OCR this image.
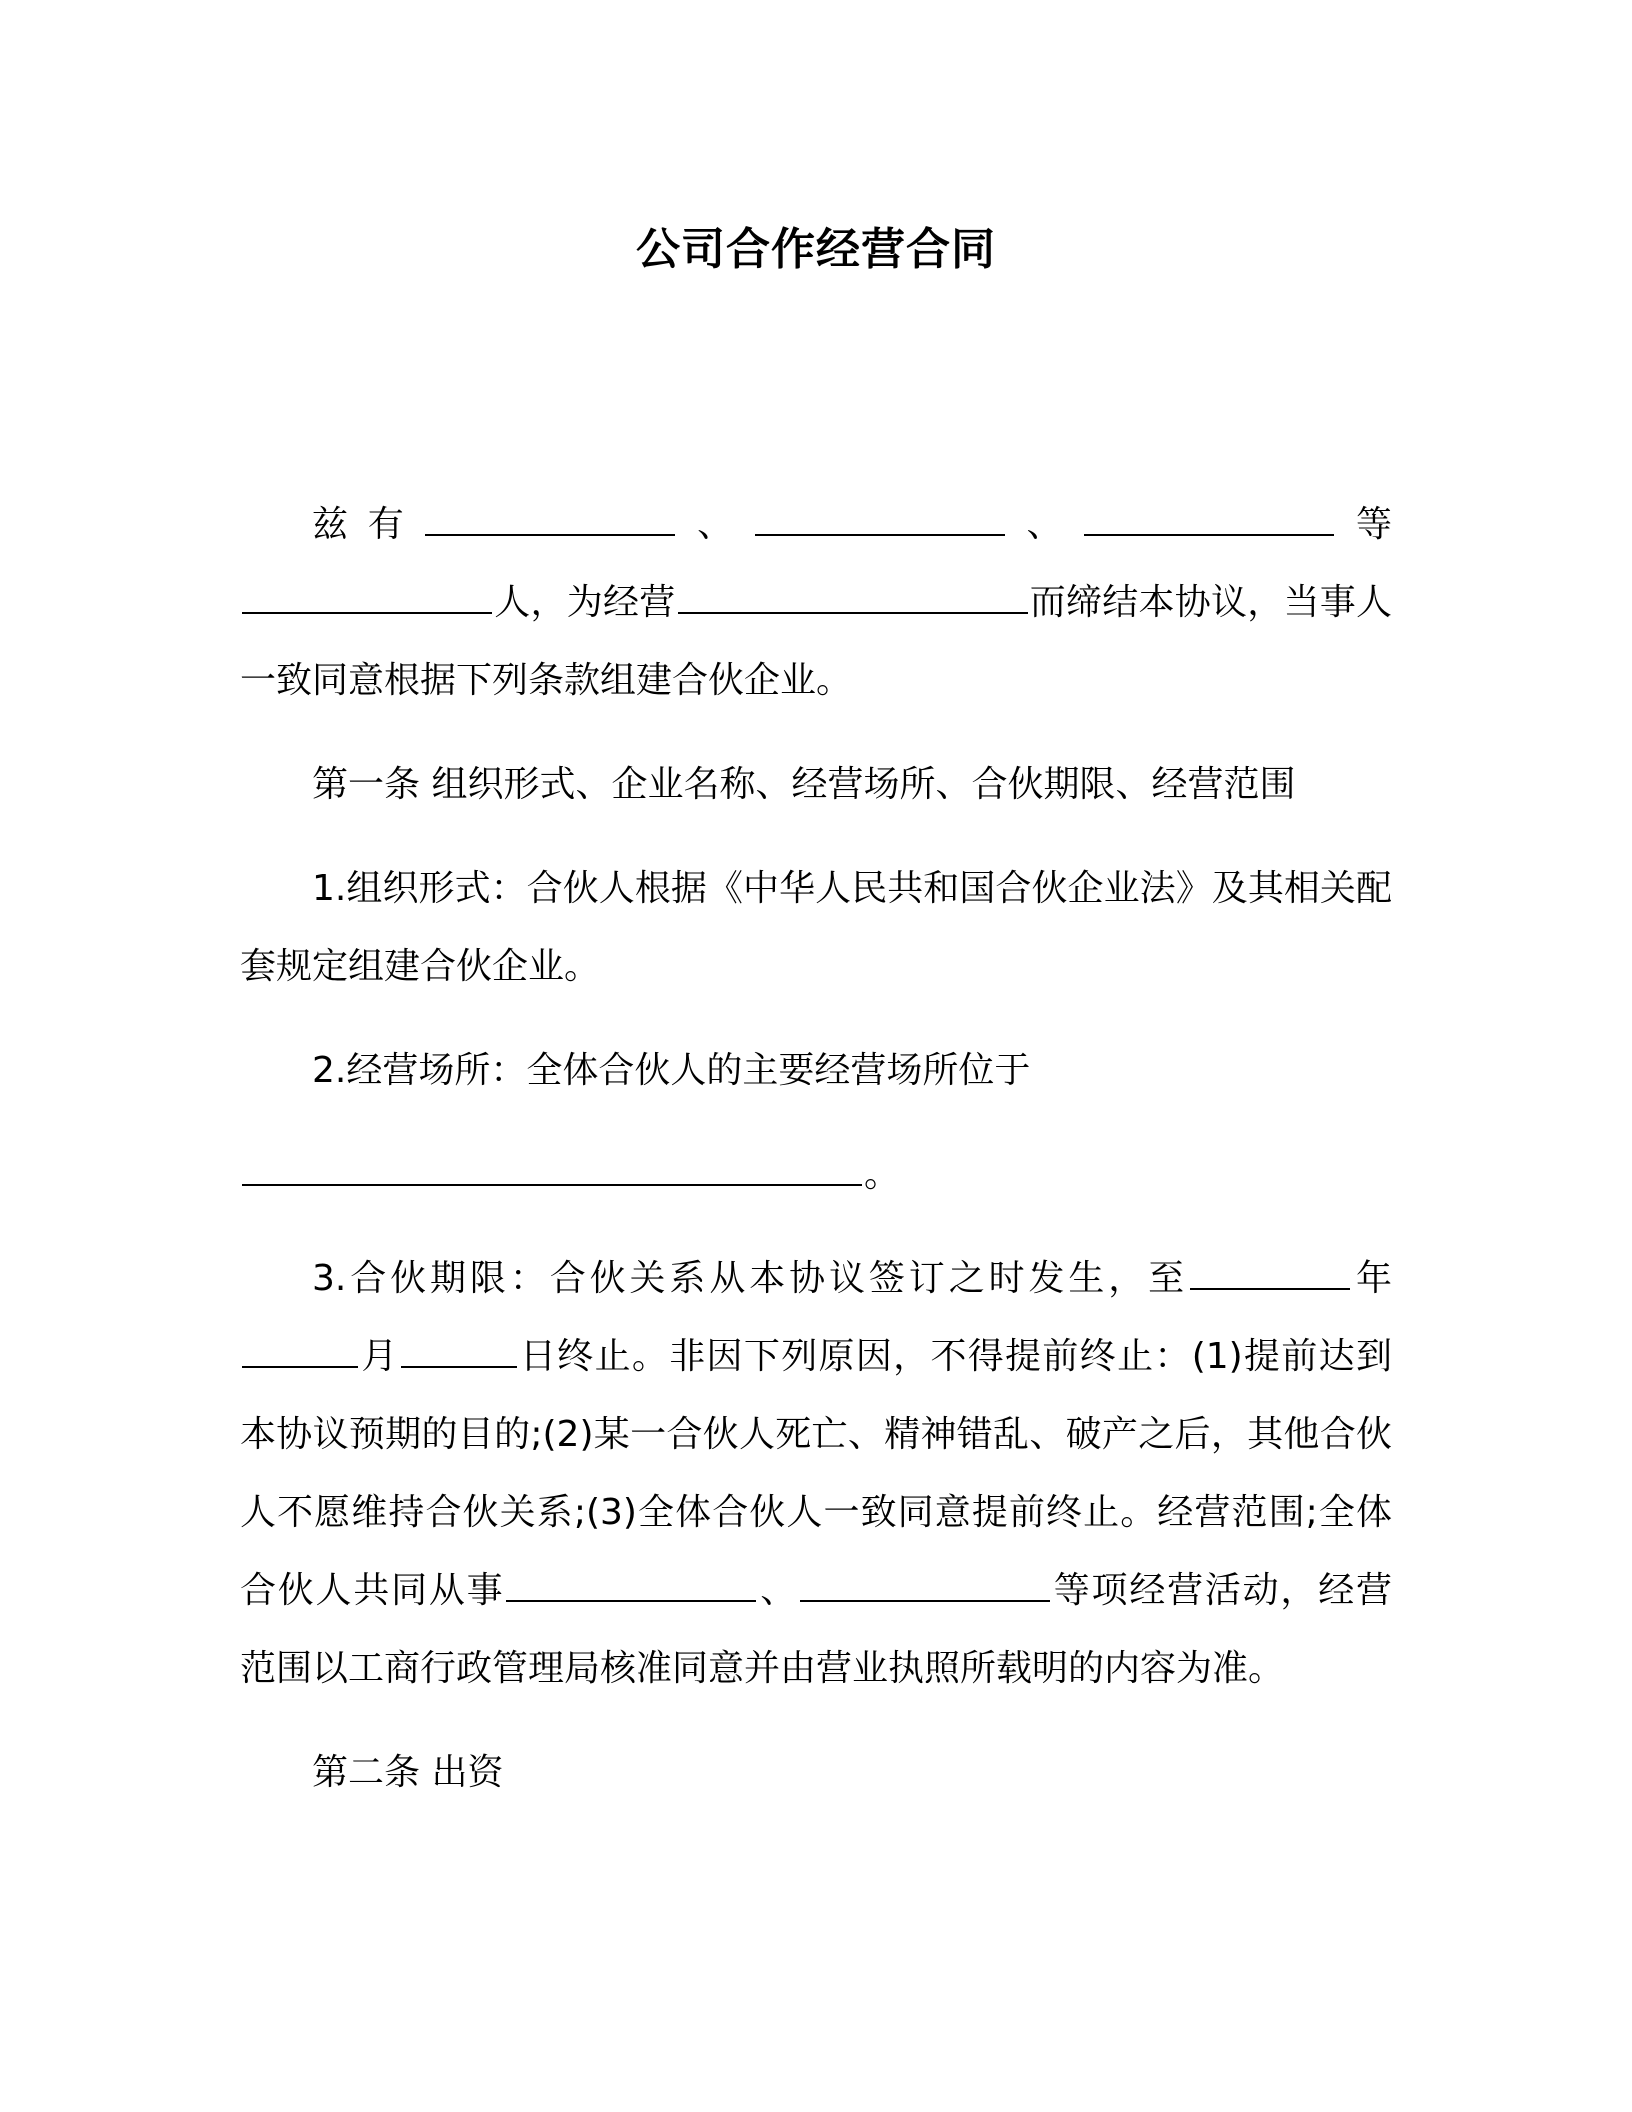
公司合作经营合同

兹有	、	、	等人，为经营	而缔结本协议，当事人一致同意根据下列条款组建合伙企业。

第一条 组织形式、企业名称、经营场所、合伙期限、经营范围

1.组织形式：合伙人根据《中华人民共和国合伙企业法》及其相关配套规定组建合伙企业。

2.经营场所：全体合伙人的主要经营场所位于

。

3.合伙期限：合伙关系从本协议签订之时发生，至	年月	日终止。非因下列原因，不得提前终止：(1)提前达到本协议预期的目的;(2)某一合伙人死亡、精神错乱、破产之后，其他合伙人不愿维持合伙关系;(3)全体合伙人一致同意提前终止。经营范围;全体合伙人共同从事	、	等项经营活动，经营范围以工商行政管理局核准同意并由营业执照所载明的内容为准。

第二条 出资
